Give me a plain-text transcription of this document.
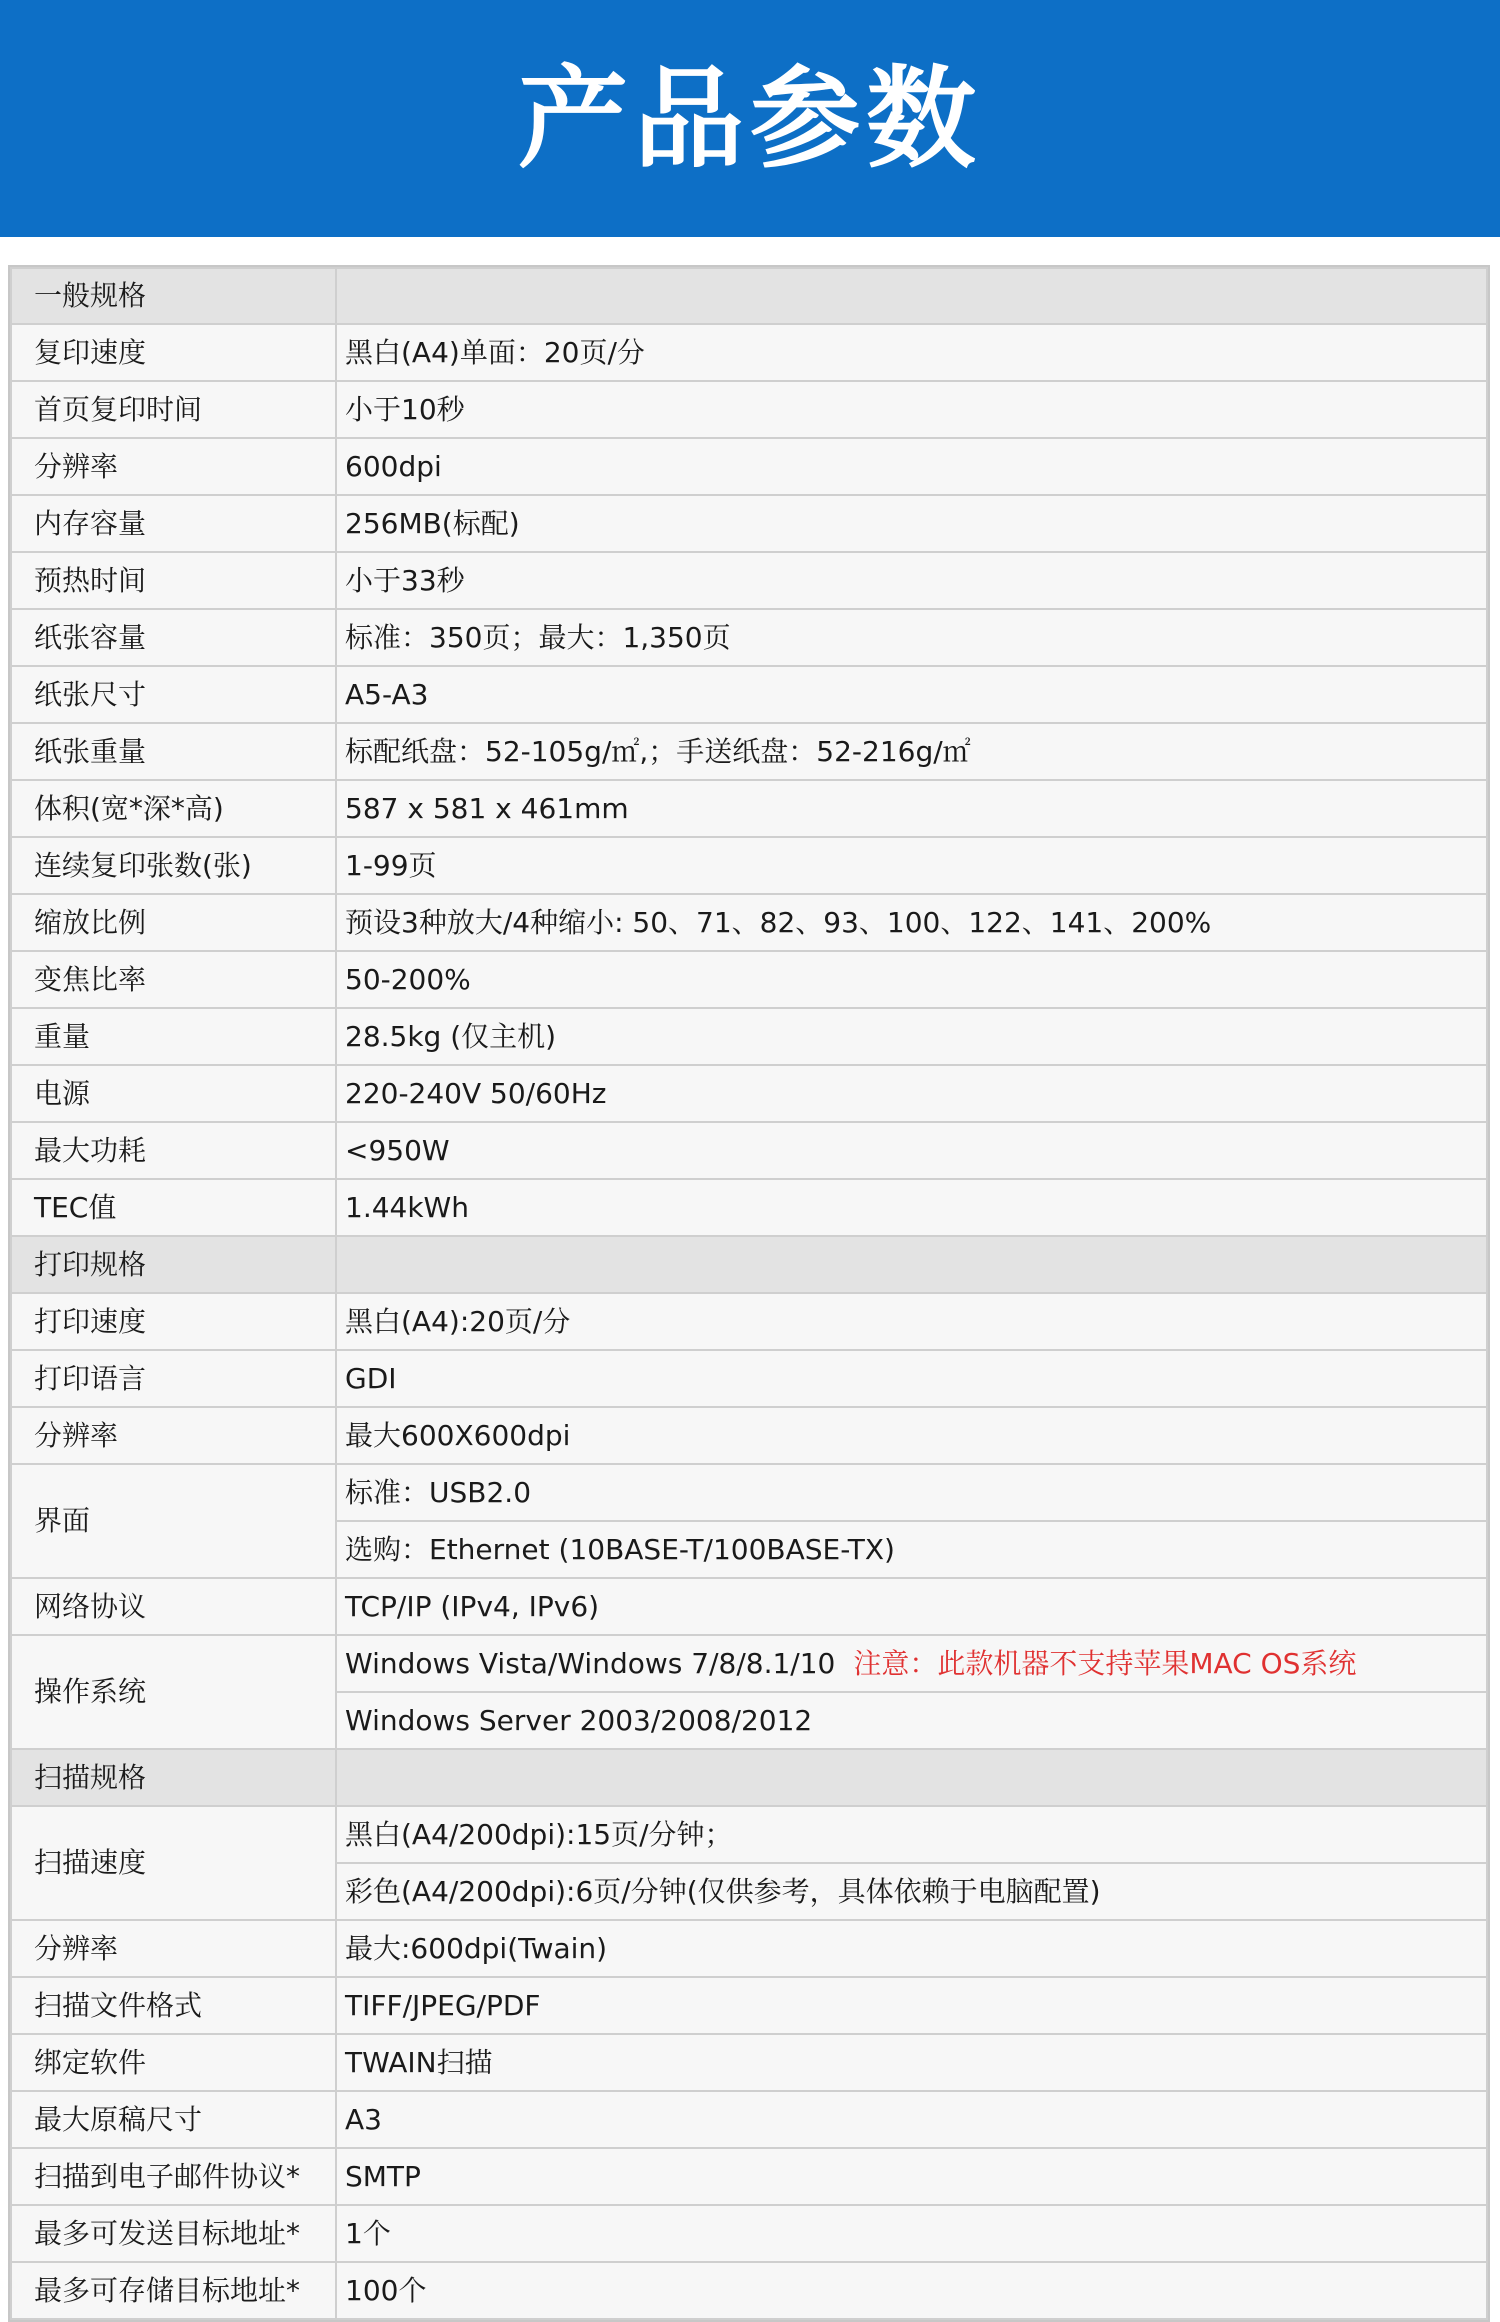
产品参数
一般规格	
复印速度	黑白(A4)单面：20页/分
首页复印时间	小于10秒
分辨率	600dpi
内存容量	256MB(标配)
预热时间	小于33秒
纸张容量	标准：350页；最大：1,350页
纸张尺寸	A5-A3
纸张重量	标配纸盘：52-105g/㎡,；手送纸盘：52-216g/㎡
体积(宽*深*高)	587 x 581 x 461mm
连续复印张数(张)	1-99页
缩放比例	预设3种放大/4种缩小: 50、71、82、93、100、122、141、200%
变焦比率	50-200%
重量	28.5kg (仅主机)
电源	220-240V 50/60Hz
最大功耗	<950W
TEC值	1.44kWh
打印规格	
打印速度	黑白(A4):20页/分
打印语言	GDI
分辨率	最大600X600dpi
界面	标准：USB2.0
	选购：Ethernet (10BASE-T/100BASE-TX)
网络协议	TCP/IP (IPv4, IPv6)
操作系统	Windows Vista/Windows 7/8/8.1/10 注意：此款机器不支持苹果MAC OS系统
	Windows Server 2003/2008/2012
扫描规格	
扫描速度	黑白(A4/200dpi):15页/分钟；
	彩色(A4/200dpi):6页/分钟(仅供参考，具体依赖于电脑配置)
分辨率	最大:600dpi(Twain)
扫描文件格式	TIFF/JPEG/PDF
绑定软件	TWAIN扫描
最大原稿尺寸	A3
扫描到电子邮件协议*	SMTP
最多可发送目标地址*	1个
最多可存储目标地址*	100个
